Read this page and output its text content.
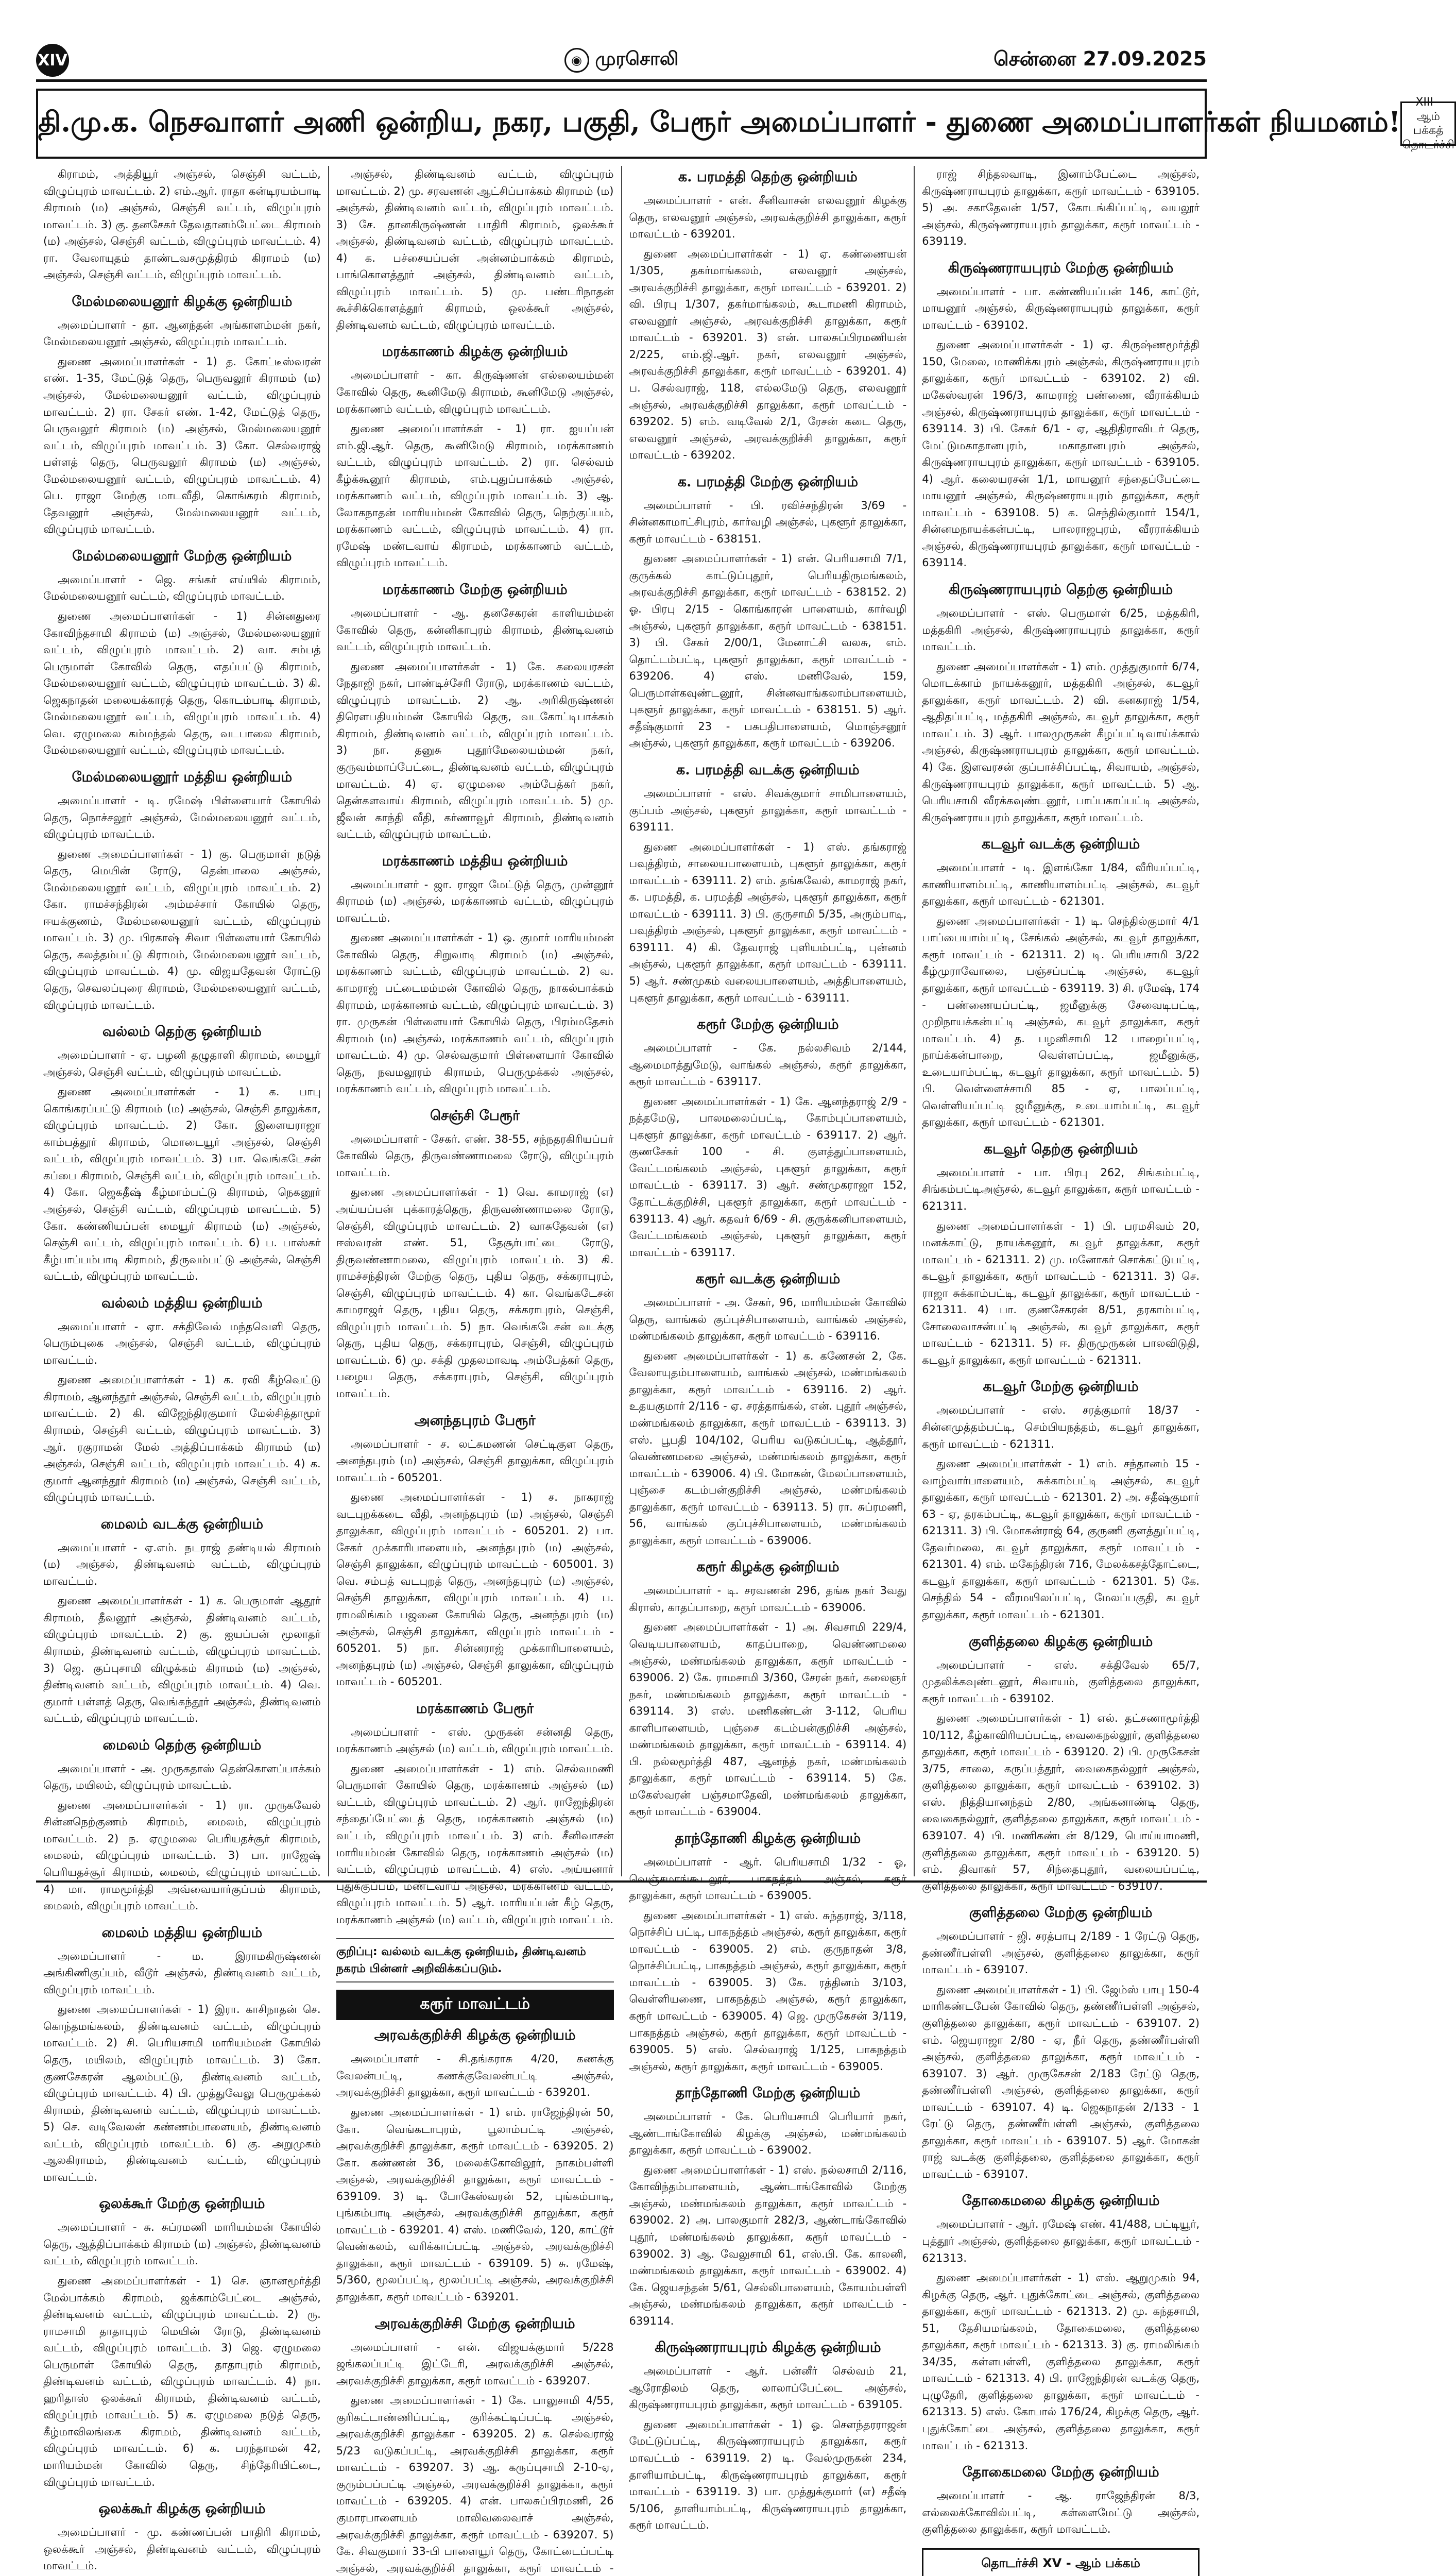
XIV	◉ முரசொலி	சென்னை 27.09.2025
தி.மு.க. நெசவாளர் அணி ஒன்றிய, நகர, பகுதி, பேரூர் அமைப்பாளர் - துணை அமைப்பாளர்கள் நியமனம்!
XIII - ஆம் பக்கத்
தொடர்ச்சி

கிராமம், அத்தியூர் அஞ்சல், செஞ்சி வட்டம், விழுப்புரம் மாவட்டம். 2) எம்.ஆர். ராதா கன்டிரயம்பாடி கிராமம் (ம) அஞ்சல், செஞ்சி வட்டம், விழுப்புரம் மாவட்டம். 3) கு. தனசேகர் தேவதானம்பேட்டை கிராமம் (ம) அஞ்சல், செஞ்சி வட்டம், விழுப்புரம் மாவட்டம். 4) ரா. வேலாயுதம் தாண்டவசமுத்திரம் கிராமம் (ம) அஞ்சல், செஞ்சி வட்டம், விழுப்புரம் மாவட்டம்.

மேல்மலையனூர் கிழக்கு ஒன்றியம்

அமைப்பாளர் - தா. ஆனந்தன் அங்காளம்மன் நகர், மேல்மலையனூர் அஞ்சல், விழுப்புரம் மாவட்டம்.

துணை அமைப்பாளர்கள் - 1) த. கோட்டீஸ்வரன் எண். 1-35, மேட்டுத் தெரு, பெருவலூர் கிராமம் (ம) அஞ்சல், மேல்மலையனூர் வட்டம், விழுப்புரம் மாவட்டம். 2) ரா. சேகர் எண். 1-42, மேட்டுத் தெரு, பெருவலூர் கிராமம் (ம) அஞ்சல், மேல்மலையனூர் வட்டம், விழுப்புரம் மாவட்டம். 3) கோ. செல்வராஜ் பள்ளத் தெரு, பெருவலூர் கிராமம் (ம) அஞ்சல், மேல்மலையனூர் வட்டம், விழுப்புரம் மாவட்டம். 4) பெ. ராஜா மேற்கு மாடவீதி, கொங்கரம் கிராமம், தேவனூர் அஞ்சல், மேல்மலையனூர் வட்டம், விழுப்புரம் மாவட்டம்.

மேல்மலையனூர் மேற்கு ஒன்றியம்

அமைப்பாளர் - ஜெ. சங்கர் எய்யில் கிராமம், மேல்மலையனூர் வட்டம், விழுப்புரம் மாவட்டம்.

துணை அமைப்பாளர்கள் - 1) சின்னதுரை கோவிந்தசாமி கிராமம் (ம) அஞ்சல், மேல்மலையனூர் வட்டம், விழுப்புரம் மாவட்டம். 2) வா. சம்பத் பெருமாள் கோவில் தெரு, எதப்பட்டு கிராமம், மேல்மலையனூர் வட்டம், விழுப்புரம் மாவட்டம். 3) கி. ஜெகநாதன் மலையக்காரத் தெரு, கொடம்பாடி கிராமம், மேல்மலையனூர் வட்டம், விழுப்புரம் மாவட்டம். 4) வெ. ஏழுமலை கம்மந்தல் தெரு, வடபாலை கிராமம், மேல்மலையனூர் வட்டம், விழுப்புரம் மாவட்டம்.

மேல்மலையனூர் மத்திய ஒன்றியம்

அமைப்பாளர் - டி. ரமேஷ் பிள்ளையார் கோயில் தெரு, நொச்சலூர் அஞ்சல், மேல்மலையனூர் வட்டம், விழுப்புரம் மாவட்டம்.

துணை அமைப்பாளர்கள் - 1) கு. பெருமாள் நடுத் தெரு, மெயின் ரோடு, தென்பாலை அஞ்சல், மேல்மலையனூர் வட்டம், விழுப்புரம் மாவட்டம். 2) கோ. ராமச்சந்திரன் அம்மச்சார் கோயில் தெரு, ஈயக்குணம், மேல்மலையனூர் வட்டம், விழுப்புரம் மாவட்டம். 3) மு. பிரகாஷ் சிவா பிள்ளையார் கோயில் தெரு, கலத்தம்பட்டு கிராமம், மேல்மலையனூர் வட்டம், விழுப்புரம் மாவட்டம். 4) மு. விஜயதேவன் ரோட்டு தெரு, செவலப்புரை கிராமம், மேல்மலையனூர் வட்டம், விழுப்புரம் மாவட்டம்.

வல்லம் தெற்கு ஒன்றியம்

அமைப்பாளர் - ஏ. பழனி தழுதாளி கிராமம், மையூர் அஞ்சல், செஞ்சி வட்டம், விழுப்புரம் மாவட்டம்.

துணை அமைப்பாளர்கள் - 1) க. பாபு கொங்கரப்பட்டு கிராமம் (ம) அஞ்சல், செஞ்சி தாலுக்கா, விழுப்புரம் மாவட்டம். 2) கோ. இளையராஜா காம்பத்தூர் கிராமம், மொடையூர் அஞ்சல், செஞ்சி வட்டம், விழுப்புரம் மாவட்டம். 3) பா. வெங்கடேசன் கப்பை கிராமம், செஞ்சி வட்டம், விழுப்புரம் மாவட்டம். 4) கோ. ஜெகதீஷ் கீழ்மாம்பட்டு கிராமம், நெகனூர் அஞ்சல், செஞ்சி வட்டம், விழுப்புரம் மாவட்டம். 5) கோ. கண்ணியப்பன் மையூர் கிராமம் (ம) அஞ்சல், செஞ்சி வட்டம், விழுப்புரம் மாவட்டம். 6) ப. பாஸ்கர் கீழ்பாப்பம்பாடி கிராமம், திருவம்பட்டு அஞ்சல், செஞ்சி வட்டம், விழுப்புரம் மாவட்டம்.

வல்லம் மத்திய ஒன்றியம்

அமைப்பாளர் - ஏா. சக்திவேல் மந்தவெளி தெரு, பெரும்புகை அஞ்சல், செஞ்சி வட்டம், விழுப்புரம் மாவட்டம்.

துணை அமைப்பாளர்கள் - 1) க. ரவி கீழ்வெட்டு கிராமம், ஆனந்தூர் அஞ்சல், செஞ்சி வட்டம், விழுப்புரம் மாவட்டம். 2) கி. விஜேந்திரகுமார் மேல்சித்தாமூர் கிராமம், செஞ்சி வட்டம், விழுப்புரம் மாவட்டம். 3) ஆர். ரகுராமன் மேல் அத்திப்பாக்கம் கிராமம் (ம) அஞ்சல், செஞ்சி வட்டம், விழுப்புரம் மாவட்டம். 4) க. குமார் ஆனந்தூர் கிராமம் (ம) அஞ்சல், செஞ்சி வட்டம், விழுப்புரம் மாவட்டம்.

மைலம் வடக்கு ஒன்றியம்

அமைப்பாளர் - ஏ.எம். நடராஜ் தண்டியல் கிராமம் (ம) அஞ்சல், திண்டிவனம் வட்டம், விழுப்புரம் மாவட்டம்.

துணை அமைப்பாளர்கள் - 1) க. பெருமாள் ஆதூர் கிராமம், தீவனூர் அஞ்சல், திண்டிவனம் வட்டம், விழுப்புரம் மாவட்டம். 2) கு. ஐயப்பன் மூலாதர் கிராமம், திண்டிவனம் வட்டம், விழுப்புரம் மாவட்டம். 3) ஜெ. குப்புசாமி விழுக்கம் கிராமம் (ம) அஞ்சல், திண்டிவனம் வட்டம், விழுப்புரம் மாவட்டம். 4) வெ. குமார் பள்ளத் தெரு, வெங்கந்தூர் அஞ்சல், திண்டிவனம் வட்டம், விழுப்புரம் மாவட்டம்.

மைலம் தெற்கு ஒன்றியம்

அமைப்பாளர் - அ. முருகதாஸ் தென்கொளப்பாக்கம் தெரு, மயிலம், விழுப்புரம் மாவட்டம்.

துணை அமைப்பாளர்கள் - 1) ரா. முருகவேல் சின்னநெற்குணம் கிராமம், மைலம், விழுப்புரம் மாவட்டம். 2) ந. ஏழுமலை பெரியதச்சூர் கிராமம், மைலம், விழுப்புரம் மாவட்டம். 3) பா. ராஜேஷ் பெரியதச்சூர் கிராமம், மைலம், விழுப்புரம் மாவட்டம். 4) மா. ராமமூர்த்தி அவ்வையார்குப்பம் கிராமம், மைலம், விழுப்புரம் மாவட்டம்.

மைலம் மத்திய ஒன்றியம்

அமைப்பாளர் - ம. இராமகிருஷ்ணன் அங்கிணிகுப்பம், வீடூர் அஞ்சல், திண்டிவனம் வட்டம், விழுப்புரம் மாவட்டம்.

துணை அமைப்பாளர்கள் - 1) இரா. காசிநாதன் செ. கொந்தமங்கலம், திண்டிவனம் வட்டம், விழுப்புரம் மாவட்டம். 2) சி. பெரியசாமி மாரியம்மன் கோயில் தெரு, மயிலம், விழுப்புரம் மாவட்டம். 3) கோ. குணசேகரன் ஆலம்பட்டு, திண்டிவனம் வட்டம், விழுப்புரம் மாவட்டம். 4) பி. முத்துவேலு பெருமுக்கல் கிராமம், திண்டிவனம் வட்டம், விழுப்புரம் மாவட்டம். 5) செ. வடிவேலன் கண்ணம்பாளையம், திண்டிவனம் வட்டம், விழுப்புரம் மாவட்டம். 6) கு. அறுமுகம் ஆலகிராமம், திண்டிவனம் வட்டம், விழுப்புரம் மாவட்டம்.

ஒலக்கூர் மேற்கு ஒன்றியம்

அமைப்பாளர் - சு. சுப்ரமணி மாரியம்மன் கோயில் தெரு, ஆத்திப்பாக்கம் கிராமம் (ம) அஞ்சல், திண்டிவனம் வட்டம், விழுப்புரம் மாவட்டம்.

துணை அமைப்பாளர்கள் - 1) செ. ஞானமூர்த்தி மேல்பாக்கம் கிராமம், ஜக்காம்பேட்டை அஞ்சல், திண்டிவனம் வட்டம், விழுப்புரம் மாவட்டம். 2) ரு. ராமசாமி தாதாபுரம் மெயின் ரோடு, திண்டிவனம் வட்டம், விழுப்புரம் மாவட்டம். 3) ஜெ. ஏழுமலை பெருமாள் கோயில் தெரு, தாதாபுரம் கிராமம், திண்டிவனம் வட்டம், விழுப்புரம் மாவட்டம். 4) நா. ஹரிதாஸ் ஒலக்கூர் கிராமம், திண்டிவனம் வட்டம், விழுப்புரம் மாவட்டம். 5) க. ஏழுமலை நடுத் தெரு, கீழ்மாவிலங்கை கிராமம், திண்டிவனம் வட்டம், விழுப்புரம் மாவட்டம். 6) க. பரந்தாமன் 42, மாரியம்மன் கோவில் தெரு, சிந்தேரியிட்டை, விழுப்புரம் மாவட்டம்.

ஒலக்கூர் கிழக்கு ஒன்றியம்

அமைப்பாளர் - மு. கண்ணப்பன் பாதிரி கிராமம், ஒலக்கூர் அஞ்சல், திண்டிவனம் வட்டம், விழுப்புரம் மாவட்டம்.

அஞ்சல், திண்டிவனம் வட்டம், விழுப்புரம் மாவட்டம். 2) மு. சரவணன் ஆட்சிப்பாக்கம் கிராமம் (ம) அஞ்சல், திண்டிவனம் வட்டம், விழுப்புரம் மாவட்டம். 3) சே. தானகிருஷ்ணன் பாதிரி கிராமம், ஒலக்கூர் அஞ்சல், திண்டிவனம் வட்டம், விழுப்புரம் மாவட்டம். 4) க. பச்சையப்பன் அன்னம்பாக்கம் கிராமம், பாங்கொளத்தூர் அஞ்சல், திண்டிவனம் வட்டம், விழுப்புரம் மாவட்டம். 5) மு. பண்டரிநாதன் கூச்சிக்கொளத்தூர் கிராமம், ஒலக்கூர் அஞ்சல், திண்டிவனம் வட்டம், விழுப்புரம் மாவட்டம்.

மரக்காணம் கிழக்கு ஒன்றியம்

அமைப்பாளர் - கா. கிருஷ்ணன் எல்லையம்மன் கோவில் தெரு, கூனிமேடு கிராமம், கூனிமேடு அஞ்சல், மரக்காணம் வட்டம், விழுப்புரம் மாவட்டம்.

துணை அமைப்பாளர்கள் - 1) ரா. ஐயப்பன் எம்.ஜி.ஆர். தெரு, கூனிமேடு கிராமம், மரக்காணம் வட்டம், விழுப்புரம் மாவட்டம். 2) ரா. செல்வம் கீழ்க்கூனூர் கிராமம், எம்.புதுப்பாக்கம் அஞ்சல், மரக்காணம் வட்டம், விழுப்புரம் மாவட்டம். 3) ஆ. லோகநாதன் மாரியம்மன் கோவில் தெரு, நெற்குப்பம், மரக்காணம் வட்டம், விழுப்புரம் மாவட்டம். 4) ரா. ரமேஷ் மண்டவாய் கிராமம், மரக்காணம் வட்டம், விழுப்புரம் மாவட்டம்.

மரக்காணம் மேற்கு ஒன்றியம்

அமைப்பாளர் - ஆ. தனசேகரன் காளியம்மன் கோவில் தெரு, கன்னிகாபுரம் கிராமம், திண்டிவனம் வட்டம், விழுப்புரம் மாவட்டம்.

துணை அமைப்பாளர்கள் - 1) கே. கலையரசன் நேதாஜி நகர், பாண்டிச்சேரி ரோடு, மரக்காணம் வட்டம், விழுப்புரம் மாவட்டம். 2) ஆ. அரிகிருஷ்ணன் திரௌபதியம்மன் கோயில் தெரு, வடகோட்டிபாக்கம் கிராமம், திண்டிவனம் வட்டம், விழுப்புரம் மாவட்டம். 3) நா. தனுசு புதூர்மேலையம்மன் நகர், குருவம்மாப்பேட்டை, திண்டிவனம் வட்டம், விழுப்புரம் மாவட்டம். 4) ஏ. ஏழுமலை அம்பேத்கர் நகர், தென்களவாய் கிராமம், விழுப்புரம் மாவட்டம். 5) மு. ஜீவன் காந்தி வீதி, கர்ணாவூர் கிராமம், திண்டிவனம் வட்டம், விழுப்புரம் மாவட்டம்.

மரக்காணம் மத்திய ஒன்றியம்

அமைப்பாளர் - ஜா. ராஜா மேட்டுத் தெரு, முன்னூர் கிராமம் (ம) அஞ்சல், மரக்காணம் வட்டம், விழுப்புரம் மாவட்டம்.

துணை அமைப்பாளர்கள் - 1) ஒ. குமார் மாரியம்மன் கோவில் தெரு, சிறுவாடி கிராமம் (ம) அஞ்சல், மரக்காணம் வட்டம், விழுப்புரம் மாவட்டம். 2) வ. காமராஜ் பட்டைமம்மன் கோவில் தெரு, நாகல்பாக்கம் கிராமம், மரக்காணம் வட்டம், விழுப்புரம் மாவட்டம். 3) ரா. முருகன் பிள்ளையார் கோயில் தெரு, பிரம்மதேசம் கிராமம் (ம) அஞ்சல், மரக்காணம் வட்டம், விழுப்புரம் மாவட்டம். 4) மு. செல்வகுமார் பிள்ளையார் கோவில் தெரு, நவமலூரம் கிராமம், பெருமுக்கல் அஞ்சல், மரக்காணம் வட்டம், விழுப்புரம் மாவட்டம்.

செஞ்சி பேரூர்

அமைப்பாளர் - சேகர். எண். 38-55, சந்நதரகிரியப்பர் கோவில் தெரு, திருவண்ணாமலை ரோடு, விழுப்புரம் மாவட்டம்.

துணை அமைப்பாளர்கள் - 1) வெ. காமராஜ் (எ) அய்யப்பன் புக்காரத்தெரு, திருவண்ணாமலை ரோடு, செஞ்சி, விழுப்புரம் மாவட்டம். 2) வாசுதேவன் (எ) ஈஸ்வரன் எண். 51, தேசூர்பாட்டை ரோடு, திருவண்ணாமலை, விழுப்புரம் மாவட்டம். 3) கி. ராமச்சந்திரன் மேற்கு தெரு, புதிய தெரு, சக்கராபுரம், செஞ்சி, விழுப்புரம் மாவட்டம். 4) கா. வெங்கடேசன் காமராஜர் தெரு, புதிய தெரு, சக்கராபுரம், செஞ்சி, விழுப்புரம் மாவட்டம். 5) நா. வெங்கடேசன் வடக்கு தெரு, புதிய தெரு, சக்கராபுரம், செஞ்சி, விழுப்புரம் மாவட்டம். 6) மு. சக்தி முதலமாவடி அம்பேத்கர் தெரு, பழைய தெரு, சக்கராபுரம், செஞ்சி, விழுப்புரம் மாவட்டம்.

அனந்தபுரம் பேரூர்

அமைப்பாளர் - ச. லட்சுமணன் செட்டிகுள தெரு, அனந்தபுரம் (ம) அஞ்சல், செஞ்சி தாலுக்கா, விழுப்புரம் மாவட்டம் - 605201.

துணை அமைப்பாளர்கள் - 1) ச. நாகராஜ் வடபுறக்கடை வீதி, அனந்தபுரம் (ம) அஞ்சல், செஞ்சி தாலுக்கா, விழுப்புரம் மாவட்டம் - 605201. 2) பா. சேகர் முக்காரிபாளையம், அனந்தபுரம் (ம) அஞ்சல், செஞ்சி தாலுக்கா, விழுப்புரம் மாவட்டம் - 605001. 3) வெ. சம்பத் வடபுறத் தெரு, அனந்தபுரம் (ம) அஞ்சல், செஞ்சி தாலுக்கா, விழுப்புரம் மாவட்டம். 4) ப. ராமலிங்கம் பஜனை கோயில் தெரு, அனந்தபுரம் (ம) அஞ்சல், செஞ்சி தாலுக்கா, விழுப்புரம் மாவட்டம் - 605201. 5) நா. சின்னராஜ் முக்காரிபாளையம், அனந்தபுரம் (ம) அஞ்சல், செஞ்சி தாலுக்கா, விழுப்புரம் மாவட்டம் - 605201.

மரக்காணம் பேரூர்

அமைப்பாளர் - எஸ். முருகன் சன்னதி தெரு, மரக்காணம் அஞ்சல் (ம) வட்டம், விழுப்புரம் மாவட்டம்.

துணை அமைப்பாளர்கள் - 1) எம். செல்வமணி பெருமாள் கோயில் தெரு, மரக்காணம் அஞ்சல் (ம) வட்டம், விழுப்புரம் மாவட்டம். 2) ஆர். ராஜேந்திரன் சந்தைப்பேட்டைத் தெரு, மரக்காணம் அஞ்சல் (ம) வட்டம், விழுப்புரம் மாவட்டம். 3) எம். சீனிவாசன் மாரியம்மன் கோவில் தெரு, மரக்காணம் அஞ்சல் (ம) வட்டம், விழுப்புரம் மாவட்டம். 4) எஸ். அய்யனார் புதுக்குப்பம், மண்டவாய் அஞ்சல், மரக்காணம் வட்டம், விழுப்புரம் மாவட்டம். 5) ஆர். மாரியப்பன் கீழ் தெரு, மரக்காணம் அஞ்சல் (ம) வட்டம், விழுப்புரம் மாவட்டம்.

குறிப்பு: வல்லம் வடக்கு ஒன்றியம், திண்டிவனம் நகரம் பின்னர் அறிவிக்கப்படும்.
கரூர் மாவட்டம்
அரவக்குறிச்சி கிழக்கு ஒன்றியம்

அமைப்பாளர் - சி.தங்கராசு 4/20, கணக்கு வேலன்பட்டி, கணக்குவேலன்பட்டி அஞ்சல், அரவக்குறிச்சி தாலுக்கா, கரூர் மாவட்டம் - 639201.

துணை அமைப்பாளர்கள் - 1) எம். ராஜேந்திரன் 50, கோ. வெங்கடாபுரம், பூலாம்பட்டி அஞ்சல், அரவக்குறிச்சி தாலுக்கா, கரூர் மாவட்டம் - 639205. 2) கோ. கண்ணன் 36, மலைக்கோவிலூர், நாகம்பள்ளி அஞ்சல், அரவக்குறிச்சி தாலுக்கா, கரூர் மாவட்டம் - 639109. 3) டி. போகேஸ்வரன் 52, புங்கம்பாடி, புங்கம்பாடி அஞ்சல், அரவக்குறிச்சி தாலுக்கா, கரூர் மாவட்டம் - 639201. 4) எஸ். மணிவேல், 120, காட்டூர் வெண்கலம், வரிக்காப்பட்டி அஞ்சல், அரவக்குறிச்சி தாலுக்கா, கரூர் மாவட்டம் - 639109. 5) சு. ரமேஷ், 5/360, மூலப்பட்டி, மூலப்பட்டி அஞ்சல், அரவக்குறிச்சி தாலுக்கா, கரூர் மாவட்டம் - 639201.

அரவக்குறிச்சி மேற்கு ஒன்றியம்

அமைப்பாளர் - என். விஜயக்குமார் 5/228 ஜங்கலப்பட்டி இட்டேரி, அரவக்குறிச்சி அஞ்சல், அரவக்குறிச்சி தாலுக்கா, கரூர் மாவட்டம் - 639207.

துணை அமைப்பாளர்கள் - 1) கே. பாலுசாமி 4/55, குரிகட்டாண்ணிப்பட்டி, குரிக்கட்டிப்பட்டி அஞ்சல், அரவக்குறிச்சி தாலுக்கா - 639205. 2) க. செல்வராஜ் 5/23 வடுகப்பட்டி, அரவக்குறிச்சி தாலுக்கா, கரூர் மாவட்டம் - 639207. 3) ஆ. கருப்புசாமி 2-10-ஏ, குரும்பப்பட்டி அஞ்சல், அரவக்குறிச்சி தாலுக்கா, கரூர் மாவட்டம் - 639205. 4) என். பாலசுப்பிரமணி, 26 குமாரபாளையம் மாலிவலைவாச் அஞ்சல், அரவக்குறிச்சி தாலுக்கா, கரூர் மாவட்டம் - 639207. 5) கே. சிவகுமார் 33-பி பாளையூர் தெரு, கோட்டைப்பட்டி அஞ்சல், அரவக்குறிச்சி தாலுக்கா, கரூர் மாவட்டம் -

க. பரமத்தி தெற்கு ஒன்றியம்

அமைப்பாளர் - என். சீனிவாசன் எலவனூர் கிழக்கு தெரு, எலவனூர் அஞ்சல், அரவக்குறிச்சி தாலுக்கா, கரூர் மாவட்டம் - 639201.

துணை அமைப்பாளர்கள் - 1) ஏ. கண்ணையன் 1/305, தகர்மாங்கலம், எலவனூர் அஞ்சல், அரவக்குறிச்சி தாலுக்கா, கரூர் மாவட்டம் - 639201. 2) வி. பிரபு 1/307, தகர்மாங்கலம், கூடாமணி கிராமம், எலவனூர் அஞ்சல், அரவக்குறிச்சி தாலுக்கா, கரூர் மாவட்டம் - 639201. 3) என். பாலசுப்பிரமணியன் 2/225, எம்.ஜி.ஆர். நகர், எலவனூர் அஞ்சல், அரவக்குறிச்சி தாலுக்கா, கரூர் மாவட்டம் - 639201. 4) ப. செல்வராஜ், 118, எல்லமேடு தெரு, எலவனூர் அஞ்சல், அரவக்குறிச்சி தாலுக்கா, கரூர் மாவட்டம் - 639202. 5) எம். வடிவேல் 2/1, ரேசன் கடை தெரு, எலவனூர் அஞ்சல், அரவக்குறிச்சி தாலுக்கா, கரூர் மாவட்டம் - 639202.

க. பரமத்தி மேற்கு ஒன்றியம்

அமைப்பாளர் - பி. ரவிச்சந்திரன் 3/69 - சின்னகாமாட்சிபுரம், கார்வழி அஞ்சல், புகளூர் தாலுக்கா, கரூர் மாவட்டம் - 638151.

துணை அமைப்பாளர்கள் - 1) என். பெரியசாமி 7/1, குருக்கல் காட்டுப்புதூர், பெரியதிருமங்கலம், அரவக்குறிச்சி தாலுக்கா, கரூர் மாவட்டம் - 638152. 2) ஓ. பிரபு 2/15 - கொங்காரன் பாளையம், கார்வழி அஞ்சல், புகளூர் தாலுக்கா, கரூர் மாவட்டம் - 638151. 3) பி. சேகர் 2/00/1, மேனாட்சி வலசு, எம். தொட்டம்பட்டி, புகளூர் தாலுக்கா, கரூர் மாவட்டம் - 639206. 4) எஸ். மணிவேல், 159, பெருமாள்கவுண்டனூர், சின்னவாங்கலாம்பாளையம், புகளூர் தாலுக்கா, கரூர் மாவட்டம் - 638151. 5) ஆர். சதீஷ்குமார் 23 - பசுபதிபாளையம், மொஞ்சனூர் அஞ்சல், புகளூர் தாலுக்கா, கரூர் மாவட்டம் - 639206.

க. பரமத்தி வடக்கு ஒன்றியம்

அமைப்பாளர் - எஸ். சிவக்குமார் சாமிபாளையம், குப்பம் அஞ்சல், புகளூர் தாலுக்கா, கரூர் மாவட்டம் - 639111.

துணை அமைப்பாளர்கள் - 1) எஸ். தங்கராஜ் பவுத்திரம், சாலையபாளையம், புகளூர் தாலுக்கா, கரூர் மாவட்டம் - 639111. 2) எம். தங்கவேல், காமராஜ் நகர், க. பரமத்தி, க. பரமத்தி அஞ்சல், புகளூர் தாலுக்கா, கரூர் மாவட்டம் - 639111. 3) பி. குருசாமி 5/35, அரும்பாடி, பவுத்திரம் அஞ்சல், புகளூர் தாலுக்கா, கரூர் மாவட்டம் - 639111. 4) கி. தேவராஜ் புளியம்பட்டி, புன்னம் அஞ்சல், புகளூர் தாலுக்கா, கரூர் மாவட்டம் - 639111. 5) ஆர். சண்முகம் வலையபாளையம், அத்திபாளையம், புகளூர் தாலுக்கா, கரூர் மாவட்டம் - 639111.

கரூர் மேற்கு ஒன்றியம்

அமைப்பாளர் - கே. நல்லசிவம் 2/144, ஆமைமாத்துமேடு, வாங்கல் அஞ்சல், கரூர் தாலுக்கா, கரூர் மாவட்டம் - 639117.

துணை அமைப்பாளர்கள் - 1) கே. ஆனந்தராஜ் 2/9 - நத்தமேடு, பாலமலைப்பட்டி, கோம்புப்பாளையம், புகளூர் தாலுக்கா, கரூர் மாவட்டம் - 639117. 2) ஆர். குணசேகர் 100 - சி. குளத்துப்பாளையம், வேட்டமங்கலம் அஞ்சல், புகளூர் தாலுக்கா, கரூர் மாவட்டம் - 639117. 3) ஆர். சண்முகராஜா 152, தோட்டக்குறிச்சி, புகளூர் தாலுக்கா, கரூர் மாவட்டம் - 639113. 4) ஆர். கதவர் 6/69 - சி. குருக்கனிபாளையம், வேட்டமங்கலம் அஞ்சல், புகளூர் தாலுக்கா, கரூர் மாவட்டம் - 639117.

கரூர் வடக்கு ஒன்றியம்

அமைப்பாளர் - அ. சேகர், 96, மாரியம்மன் கோவில் தெரு, வாங்கல் குப்புச்சிபாளையம், வாங்கல் அஞ்சல், மண்மங்கலம் தாலுக்கா, கரூர் மாவட்டம் - 639116.

துணை அமைப்பாளர்கள் - 1) க. கணேசன் 2, கே. வேலாயுதம்பாளையம், வாங்கல் அஞ்சல், மண்மங்கலம் தாலுக்கா, கரூர் மாவட்டம் - 639116. 2) ஆர். உதயகுமார் 2/116 - ஏ. சரத்தாங்கல், என். புதூர் அஞ்சல், மண்மங்கலம் தாலுக்கா, கரூர் மாவட்டம் - 639113. 3) எஸ். பூபதி 104/102, பெரிய வடுகப்பட்டி, ஆத்தூர், வெண்ணமலை அஞ்சல், மண்மங்கலம் தாலுக்கா, கரூர் மாவட்டம் - 639006. 4) பி. மோகன், மேலப்பாளையம், புஞ்சை கடம்பன்குறிச்சி அஞ்சல், மண்மங்கலம் தாலுக்கா, கரூர் மாவட்டம் - 639113. 5) ரா. சுப்ரமணி, 56, வாங்கல் குப்புச்சிபாளையம், மண்மங்கலம் தாலுக்கா, கரூர் மாவட்டம் - 639006.

கரூர் கிழக்கு ஒன்றியம்

அமைப்பாளர் - டி. சரவணன் 296, தங்க நகர் 3வது கிராஸ், காதப்பாறை, கரூர் மாவட்டம் - 639006.

துணை அமைப்பாளர்கள் - 1) அ. சிவசாமி 229/4, வெடியபாளையம், காதப்பாறை, வெண்ணமலை அஞ்சல், மண்மங்கலம் தாலுக்கா, கரூர் மாவட்டம் - 639006. 2) கே. ராமசாமி 3/360, சேரன் நகர், கலைஞர் நகர், மண்மங்கலம் தாலுக்கா, கரூர் மாவட்டம் - 639114. 3) எஸ். மணிகண்டன் 3-112, பெரிய காளிபாளையம், புஞ்சை கடம்பன்குறிச்சி அஞ்சல், மண்மங்கலம் தாலுக்கா, கரூர் மாவட்டம் - 639114. 4) பி. நல்லமூர்த்தி 487, ஆனந்த் நகர், மண்மங்கலம் தாலுக்கா, கரூர் மாவட்டம் - 639114. 5) கே. மகேஸ்வரன் பஞ்சமாதேவி, மண்மங்கலம் தாலுக்கா, கரூர் மாவட்டம் - 639004.

தாந்தோணி கிழக்கு ஒன்றியம்

அமைப்பாளர் - ஆர். பெரியசாமி 1/32 - ஓ, வெஞ்சமாங்கூடலூர், பாகநத்தம் அஞ்சல், கரூர் தாலுக்கா, கரூர் மாவட்டம் - 639005.

துணை அமைப்பாளர்கள் - 1) எஸ். சுந்தராஜ், 3/118, நொச்சிப் பட்டி, பாகநத்தம் அஞ்சல், கரூர் தாலுக்கா, கரூர் மாவட்டம் - 639005. 2) எம். குருநாதன் 3/8, நொச்சிப்பட்டி, பாகநத்தம் அஞ்சல், கரூர் தாலுக்கா, கரூர் மாவட்டம் - 639005. 3) கே. ரத்தினம் 3/103, வெள்ளியணை, பாகநத்தம் அஞ்சல், கரூர் தாலுக்கா, கரூர் மாவட்டம் - 639005. 4) ஜெ. முருகேசன் 3/119, பாகநத்தம் அஞ்சல், கரூர் தாலுக்கா, கரூர் மாவட்டம் - 639005. 5) எஸ். செல்வராஜ் 1/125, பாகநத்தம் அஞ்சல், கரூர் தாலுக்கா, கரூர் மாவட்டம் - 639005.

தாந்தோணி மேற்கு ஒன்றியம்

அமைப்பாளர் - கே. பெரியசாமி பெரியார் நகர், ஆண்டாங்கோவில் கிழக்கு அஞ்சல், மண்மங்கலம் தாலுக்கா, கரூர் மாவட்டம் - 639002.

துணை அமைப்பாளர்கள் - 1) எஸ். நல்லசாமி 2/116, கோவிந்தம்பாளையம், ஆண்டாங்கோவில் மேற்கு அஞ்சல், மண்மங்கலம் தாலுக்கா, கரூர் மாவட்டம் - 639002. 2) அ. பாலகுமார் 282/3, ஆண்டாங்கோவில் புதூர், மண்மங்கலம் தாலுக்கா, கரூர் மாவட்டம் - 639002. 3) ஆ. வேலுசாமி 61, எஸ்.பி. கே. காலனி, மண்மங்கலம் தாலுக்கா, கரூர் மாவட்டம் - 639002. 4) கே. ஜெயசந்தன் 5/61, செல்லிபாளையம், கோயம்பள்ளி அஞ்சல், மண்மங்கலம் தாலுக்கா, கரூர் மாவட்டம் - 639114.

கிருஷ்ணராயபுரம் கிழக்கு ஒன்றியம்

அமைப்பாளர் - ஆர். பன்னீர் செல்வம் 21, ஆரோதிலம் தெரு, லாலாப்பேட்டை அஞ்சல், கிருஷ்ணராயபுரம் தாலுக்கா, கரூர் மாவட்டம் - 639105.

துணை அமைப்பாளர்கள் - 1) ஓ. சௌந்தரராஜன் மேட்டுப்பட்டி, கிருஷ்ணராயபுரம் தாலுக்கா, கரூர் மாவட்டம் - 639119. 2) டி. வேல்முருகன் 234, தாளியாம்பட்டி, கிருஷ்ணராயபுரம் தாலுக்கா, கரூர் மாவட்டம் - 639119. 3) பா. முத்துக்குமார் (எ) சதீஷ் 5/106, தாளியாம்பட்டி, கிருஷ்ணராயபுரம் தாலுக்கா, கரூர் மாவட்டம்.

ராஜ் சிந்தலவாடி, இனாம்பேட்டை அஞ்சல், கிருஷ்ணராயபுரம் தாலுக்கா, கரூர் மாவட்டம் - 639105. 5) அ. சகாதேவன் 1/57, கோடங்கிப்பட்டி, வயலூர் அஞ்சல், கிருஷ்ணராயபுரம் தாலுக்கா, கரூர் மாவட்டம் - 639119.

கிருஷ்ணராயபுரம் மேற்கு ஒன்றியம்

அமைப்பாளர் - பா. கண்ணியப்பன் 146, காட்டூர், மாயனூர் அஞ்சல், கிருஷ்ணராயபுரம் தாலுக்கா, கரூர் மாவட்டம் - 639102.

துணை அமைப்பாளர்கள் - 1) ஏ. கிருஷ்ணமூர்த்தி 150, மேலை, மாணிக்கபுரம் அஞ்சல், கிருஷ்ணராயபுரம் தாலுக்கா, கரூர் மாவட்டம் - 639102. 2) வி. மகேஸ்வரன் 196/3, காமராஜ் பண்ணை, வீராக்கியம் அஞ்சல், கிருஷ்ணராயபுரம் தாலுக்கா, கரூர் மாவட்டம் - 639114. 3) பி. சேகர் 6/1 - ஏ, ஆதிதிராவிடர் தெரு, மேட்டுமகாதானபுரம், மகாதானபுரம் அஞ்சல், கிருஷ்ணராயபுரம் தாலுக்கா, கரூர் மாவட்டம் - 639105. 4) ஆர். கலையரசன் 1/1, மாயனூர் சந்தைப்பேட்டை மாயனூர் அஞ்சல், கிருஷ்ணராயபுரம் தாலுக்கா, கரூர் மாவட்டம் - 639108. 5) க. செந்தில்குமார் 154/1, சின்னமநாயக்கன்பட்டி, பாலராஜபுரம், வீரராக்கியம் அஞ்சல், கிருஷ்ணராயபுரம் தாலுக்கா, கரூர் மாவட்டம் - 639114.

கிருஷ்ணராயபுரம் தெற்கு ஒன்றியம்

அமைப்பாளர் - எஸ். பெருமாள் 6/25, மத்தகிரி, மத்தகிரி அஞ்சல், கிருஷ்ணராயபுரம் தாலுக்கா, கரூர் மாவட்டம்.

துணை அமைப்பாளர்கள் - 1) எம். முத்துகுமார் 6/74, மொடக்காம் நாயக்கனூர், மத்தகிரி அஞ்சல், கடவூர் தாலுக்கா, கரூர் மாவட்டம். 2) வி. கனகராஜ் 1/54, ஆதிதப்பட்டி, மத்தகிரி அஞ்சல், கடவூர் தாலுக்கா, கரூர் மாவட்டம். 3) ஆர். பாலமுருகன் கீழப்பட்டிவாய்க்கால் அஞ்சல், கிருஷ்ணராயபுரம் தாலுக்கா, கரூர் மாவட்டம். 4) கே. இளவரசன் குப்பாச்சிப்பட்டி, சிவாயம், அஞ்சல், கிருஷ்ணராயபுரம் தாலுக்கா, கரூர் மாவட்டம். 5) ஆ. பெரியசாமி வீரக்கவுண்டனூர், பாப்பகாப்பட்டி அஞ்சல், கிருஷ்ணராயபுரம் தாலுக்கா, கரூர் மாவட்டம்.

கடவூர் வடக்கு ஒன்றியம்

அமைப்பாளர் - டி. இளங்கோ 1/84, வீரியப்பட்டி, காணியாளம்பட்டி, காணியாளம்பட்டி அஞ்சல், கடவூர் தாலுக்கா, கரூர் மாவட்டம் - 621301.

துணை அமைப்பாளர்கள் - 1) டி. செந்தில்குமார் 4/1 பாப்பையாம்பட்டி, சேங்கல் அஞ்சல், கடவூர் தாலுக்கா, கரூர் மாவட்டம் - 621311. 2) டி. பெரியசாமி 3/22 கீழ்முராவோலை, பஞ்சப்பட்டி அஞ்சல், கடவூர் தாலுக்கா, கரூர் மாவட்டம் - 639119. 3) சி. ரமேஷ், 174 - பண்ணையப்பட்டி, ஜமீனுக்கு சேவைடிபட்டி, முறிநாயக்கன்பட்டி அஞ்சல், கடவூர் தாலுக்கா, கரூர் மாவட்டம். 4) த. பழனிசாமி 12 பாறைப்பட்டி, நாய்க்கன்பாறை, வெள்ளப்பட்டி, ஜமீனுக்கு, உடையாம்பட்டி, கடவூர் தாலுக்கா, கரூர் மாவட்டம். 5) பி. வெள்ளைச்சாமி 85 - ஏ, பாலப்பட்டி, வெள்ளியப்பட்டி ஜமீனுக்கு, உடையாம்பட்டி, கடவூர் தாலுக்கா, கரூர் மாவட்டம் - 621301.

கடவூர் தெற்கு ஒன்றியம்

அமைப்பாளர் - பா. பிரபு 262, சிங்கம்பட்டி, சிங்கம்பட்டிஅஞ்சல், கடவூர் தாலுக்கா, கரூர் மாவட்டம் - 621311.

துணை அமைப்பாளர்கள் - 1) பி. பரமசிவம் 20, மனக்காட்டு, நாயக்கனூர், கடவூர் தாலுக்கா, கரூர் மாவட்டம் - 621311. 2) மு. மனோகர் சொக்கட்டுபட்டி, கடவூர் தாலுக்கா, கரூர் மாவட்டம் - 621311. 3) செ. ராஜா சுக்காம்பட்டி, கடவூர் தாலுக்கா, கரூர் மாவட்டம் - 621311. 4) பா. குணசேகரன் 8/51, தரகாம்பட்டி, சோலைவாசன்பட்டி அஞ்சல், கடவூர் தாலுக்கா, கரூர் மாவட்டம் - 621311. 5) ஈ. திருமுருகன் பாலவிடுதி, கடவூர் தாலுக்கா, கரூர் மாவட்டம் - 621311.

கடவூர் மேற்கு ஒன்றியம்

அமைப்பாளர் - எஸ். சரத்குமார் 18/37 - சின்னமுத்தம்பட்டி, செம்பியநத்தம், கடவூர் தாலுக்கா, கரூர் மாவட்டம் - 621311.

துணை அமைப்பாளர்கள் - 1) எம். சந்தானம் 15 - வாழ்வார்பாளையம், சுக்காம்பட்டி அஞ்சல், கடவூர் தாலுக்கா, கரூர் மாவட்டம் - 621301. 2) அ. சதீஷ்குமார் 63 - ஏ, தரகம்பட்டி, கடவூர் தாலுக்கா, கரூர் மாவட்டம் - 621311. 3) பி. மோகன்ராஜ் 64, குருணி குளத்துப்பட்டி, தேவர்மலை, கடவூர் தாலுக்கா, கரூர் மாவட்டம் - 621301. 4) எம். மகேந்திரன் 716, மேலக்கசத்தோட்டை, கடவூர் தாலுக்கா, கரூர் மாவட்டம் - 621301. 5) கே. செந்தில் 54 - வீரமயிலப்பட்டி, மேலப்பகுதி, கடவூர் தாலுக்கா, கரூர் மாவட்டம் - 621301.

குளித்தலை கிழக்கு ஒன்றியம்

அமைப்பாளர் - எஸ். சக்திவேல் 65/7, முதலிக்கவுண்டனூர், சிவாயம், குளித்தலை தாலுக்கா, கரூர் மாவட்டம் - 639102.

துணை அமைப்பாளர்கள் - 1) எல். தட்சணாமூர்த்தி 10/112, கீழ்காவிரியப்பட்டி, வைகைநல்லூர், குளித்தலை தாலுக்கா, கரூர் மாவட்டம் - 639120. 2) பி. முருகேசன் 3/75, சாலை, கருப்பத்தூர், வைகைநல்லூர் அஞ்சல், குளித்தலை தாலுக்கா, கரூர் மாவட்டம் - 639102. 3) எஸ். நித்தியானந்தம் 2/80, அங்கனாண்டி தெரு, வைகைநல்லூர், குளித்தலை தாலுக்கா, கரூர் மாவட்டம் - 639107. 4) பி. மணிகண்டன் 8/129, பொய்யாமணி, குளித்தலை தாலுக்கா, கரூர் மாவட்டம் - 639120. 5) எம். திவாகர் 57, சிந்தைபுதூர், வலையப்பட்டி, குளித்தலை தாலுக்கா, கரூர் மாவட்டம் - 639107.

குளித்தலை மேற்கு ஒன்றியம்

அமைப்பாளர் - ஜி. சரத்பாபு 2/189 - 1 ரேட்டு தெரு, தண்ணீர்பள்ளி அஞ்சல், குளித்தலை தாலுக்கா, கரூர் மாவட்டம் - 639107.

துணை அமைப்பாளர்கள் - 1) பி. ஜேம்ஸ் பாபு 150-4 மாரிகண்டபேன் கோவில் தெரு, தண்ணீர்பள்ளி அஞ்சல், குளித்தலை தாலுக்கா, கரூர் மாவட்டம் - 639107. 2) எம். ஜெயராஜா 2/80 - ஏ, நீர் தெரு, தண்ணீர்பள்ளி அஞ்சல், குளித்தலை தாலுக்கா, கரூர் மாவட்டம் - 639107. 3) ஆர். முருகேசன் 2/183 ரேட்டு தெரு, தண்ணீர்பள்ளி அஞ்சல், குளித்தலை தாலுக்கா, கரூர் மாவட்டம் - 639107. 4) டி. ஜெகநாதன் 2/133 - 1 ரேட்டு தெரு, தண்ணீர்பள்ளி அஞ்சல், குளித்தலை தாலுக்கா, கரூர் மாவட்டம் - 639107. 5) ஆர். மோகன் ராஜ் வடக்கு குளித்தலை, குளித்தலை தாலுக்கா, கரூர் மாவட்டம் - 639107.

தோகைமலை கிழக்கு ஒன்றியம்

அமைப்பாளர் - ஆர். ரமேஷ் எண். 41/488, பட்டியூர், புத்தூர் அஞ்சல், குளித்தலை தாலுக்கா, கரூர் மாவட்டம் - 621313.

துணை அமைப்பாளர்கள் - 1) எஸ். ஆறுமுகம் 94, கிழக்கு தெரு, ஆர். புதுக்கோட்டை அஞ்சல், குளித்தலை தாலுக்கா, கரூர் மாவட்டம் - 621313. 2) மு. கந்தசாமி, 51, தேசியமங்கலம், தோகைமலை, குளித்தலை தாலுக்கா, கரூர் மாவட்டம் - 621313. 3) கு. ராமலிங்கம் 34/35, கள்ளபள்ளி, குளித்தலை தாலுக்கா, கரூர் மாவட்டம் - 621313. 4) பி. ராஜேந்திரன் வடக்கு தெரு, புழுதேரி, குளித்தலை தாலுக்கா, கரூர் மாவட்டம் - 621313. 5) எஸ். கோபால் 176/24, கிழக்கு தெரு, ஆர். புதுக்கோட்டை அஞ்சல், குளித்தலை தாலுக்கா, கரூர் மாவட்டம் - 621313.

தோகைமலை மேற்கு ஒன்றியம்

அமைப்பாளர் - ஆ. ராஜேந்திரன் 8/3, எல்லைக்கோவில்பட்டி, கள்ளைமேட்டு அஞ்சல், குளித்தலை தாலுக்கா, கரூர் மாவட்டம்.

தொடர்ச்சி XV - ஆம் பக்கம்
